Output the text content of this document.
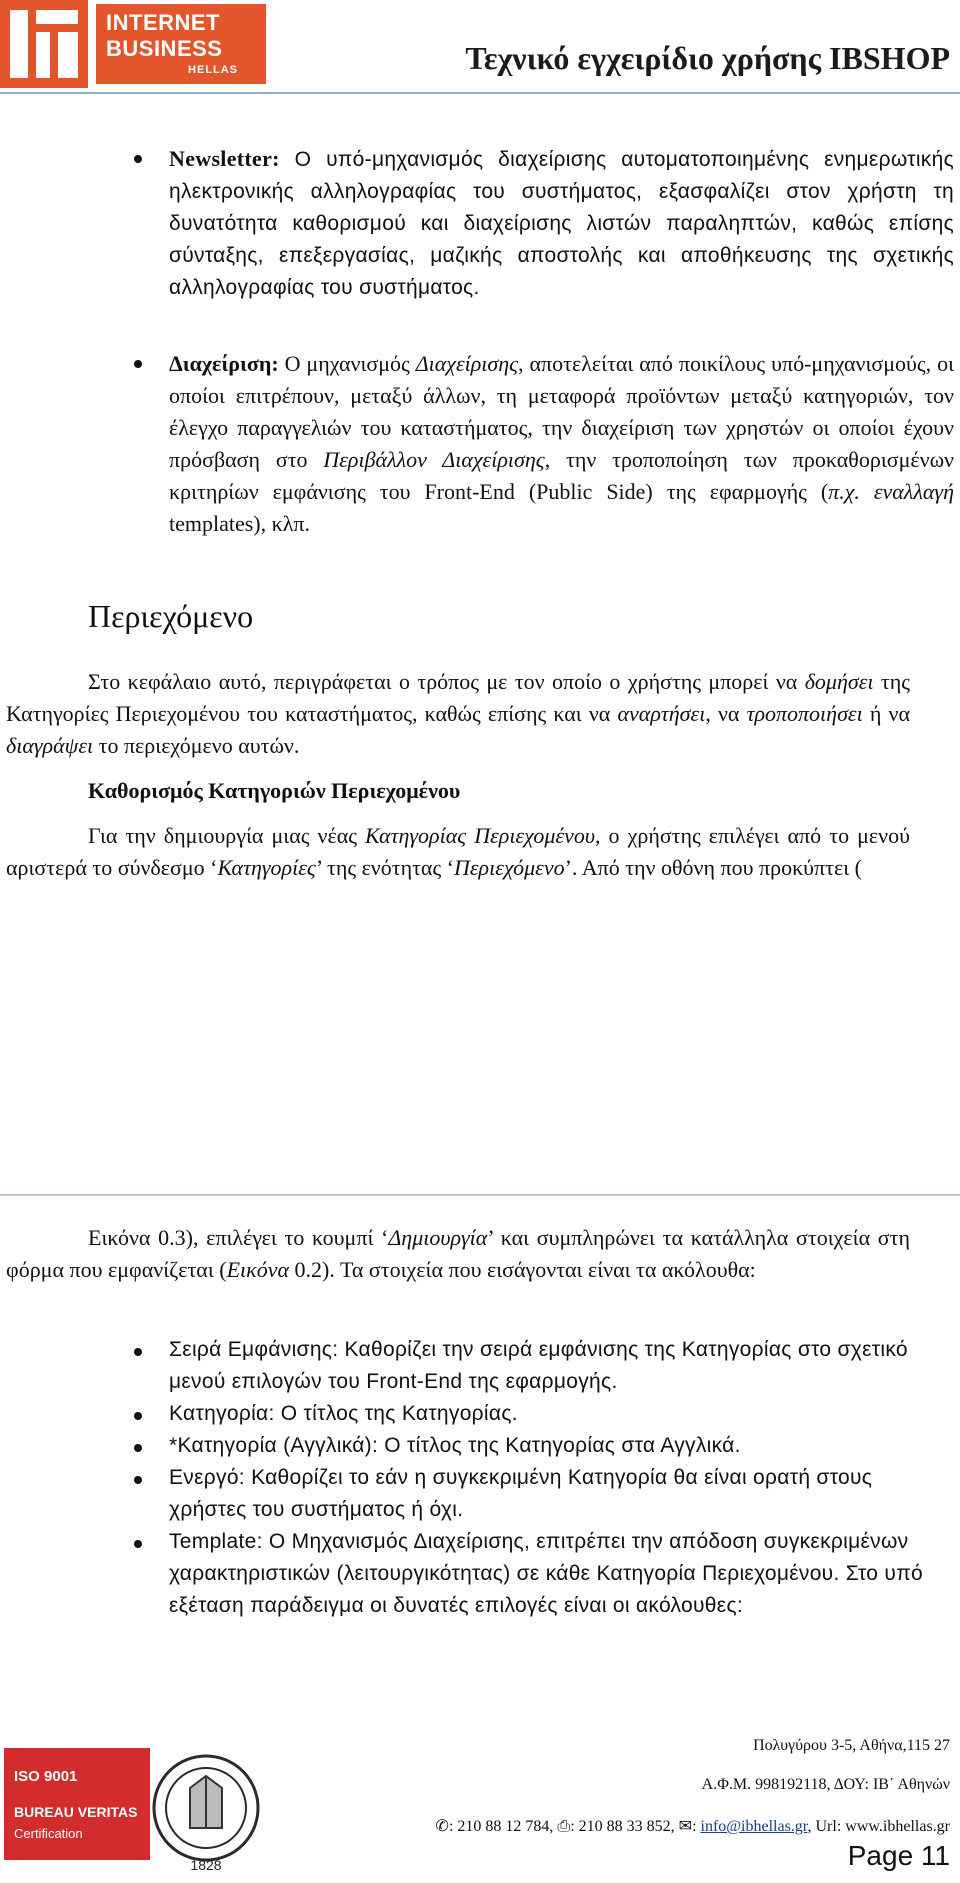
INTERNET
BUSINESS
HELLAS	Τεχνικό εγχειρίδιο χρήσης IBSHOP
Newsletter: Ο υπό-μηχανισμός διαχείρισης αυτοματοποιημένης ενημερωτικής ηλεκτρονικής αλληλογραφίας του συστήματος, εξασφαλίζει στον χρήστη τη δυνατότητα καθορισμού και διαχείρισης λιστών παραληπτών, καθώς επίσης σύνταξης, επεξεργασίας, μαζικής αποστολής και αποθήκευσης της σχετικής αλληλογραφίας του συστήματος.
Διαχείριση: Ο μηχανισμός Διαχείρισης, αποτελείται από ποικίλους υπό-μηχανισμούς, οι οποίοι επιτρέπουν, μεταξύ άλλων, τη μεταφορά προϊόντων μεταξύ κατηγοριών, τον έλεγχο παραγγελιών του καταστήματος, την διαχείριση των χρηστών οι οποίοι έχουν πρόσβαση στο Περιβάλλον Διαχείρισης, την τροποποίηση των προκαθορισμένων κριτηρίων εμφάνισης του Front-End (Public Side) της εφαρμογής (π.χ. εναλλαγή templates), κλπ.
Περιεχόμενο
Στο κεφάλαιο αυτό, περιγράφεται ο τρόπος με τον οποίο ο χρήστης μπορεί να δομήσει της Κατηγορίες Περιεχομένου του καταστήματος, καθώς επίσης και να αναρτήσει, να τροποποιήσει ή να διαγράψει το περιεχόμενο αυτών.
Καθορισμός Κατηγοριών Περιεχομένου
Για την δημιουργία μιας νέας Κατηγορίας Περιεχομένου, ο χρήστης επιλέγει από το μενού αριστερά το σύνδεσμο ‘Κατηγορίες’ της ενότητας ‘Περιεχόμενο’. Από την οθόνη που προκύπτει (
Εικόνα 0.3), επιλέγει το κουμπί ‘Δημιουργία’ και συμπληρώνει τα κατάλληλα στοιχεία στη φόρμα που εμφανίζεται (Εικόνα 0.2). Τα στοιχεία που εισάγονται είναι τα ακόλουθα:
Σειρά Εμφάνισης: Καθορίζει την σειρά εμφάνισης της Κατηγορίας στο σχετικό μενού επιλογών του Front-End της εφαρμογής.
Κατηγορία: Ο τίτλος της Κατηγορίας.
*Κατηγορία (Αγγλικά): Ο τίτλος της Κατηγορίας στα Αγγλικά.
Ενεργό: Καθορίζει το εάν η συγκεκριμένη Κατηγορία θα είναι ορατή στους χρήστες του συστήματος ή όχι.
Template: Ο Μηχανισμός Διαχείρισης, επιτρέπει την απόδοση συγκεκριμένων χαρακτηριστικών (λειτουργικότητας) σε κάθε Κατηγορία Περιεχομένου. Στο υπό εξέταση παράδειγμα οι δυνατές επιλογές είναι οι ακόλουθες:
Πολυγύρου 3-5, Αθήνα,115 27
Α.Φ.Μ. 998192118, ΔΟΥ: ΙΒ΄ Αθηνών
✆: 210 88 12 784, ⎙: 210 88 33 852, ✉: info@ibhellas.gr, Url: www.ibhellas.gr
Page 11
ISO 9001
BUREAU VERITAS
Certification
1828
